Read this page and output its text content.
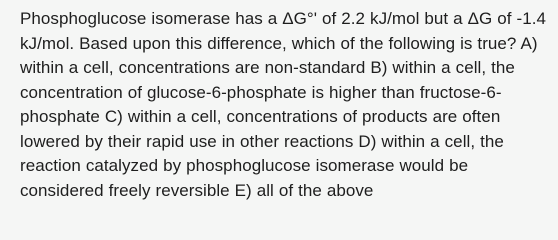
Phosphoglucose isomerase has a ΔG°' of 2.2 kJ/mol but a ΔG of -1.4 kJ/mol. Based upon this difference, which of the following is true? A) within a cell, concentrations are non-standard B) within a cell, the concentration of glucose-6-phosphate is higher than fructose-6-phosphate C) within a cell, concentrations of products are often lowered by their rapid use in other reactions D) within a cell, the reaction catalyzed by phosphoglucose isomerase would be considered freely reversible E) all of the above
